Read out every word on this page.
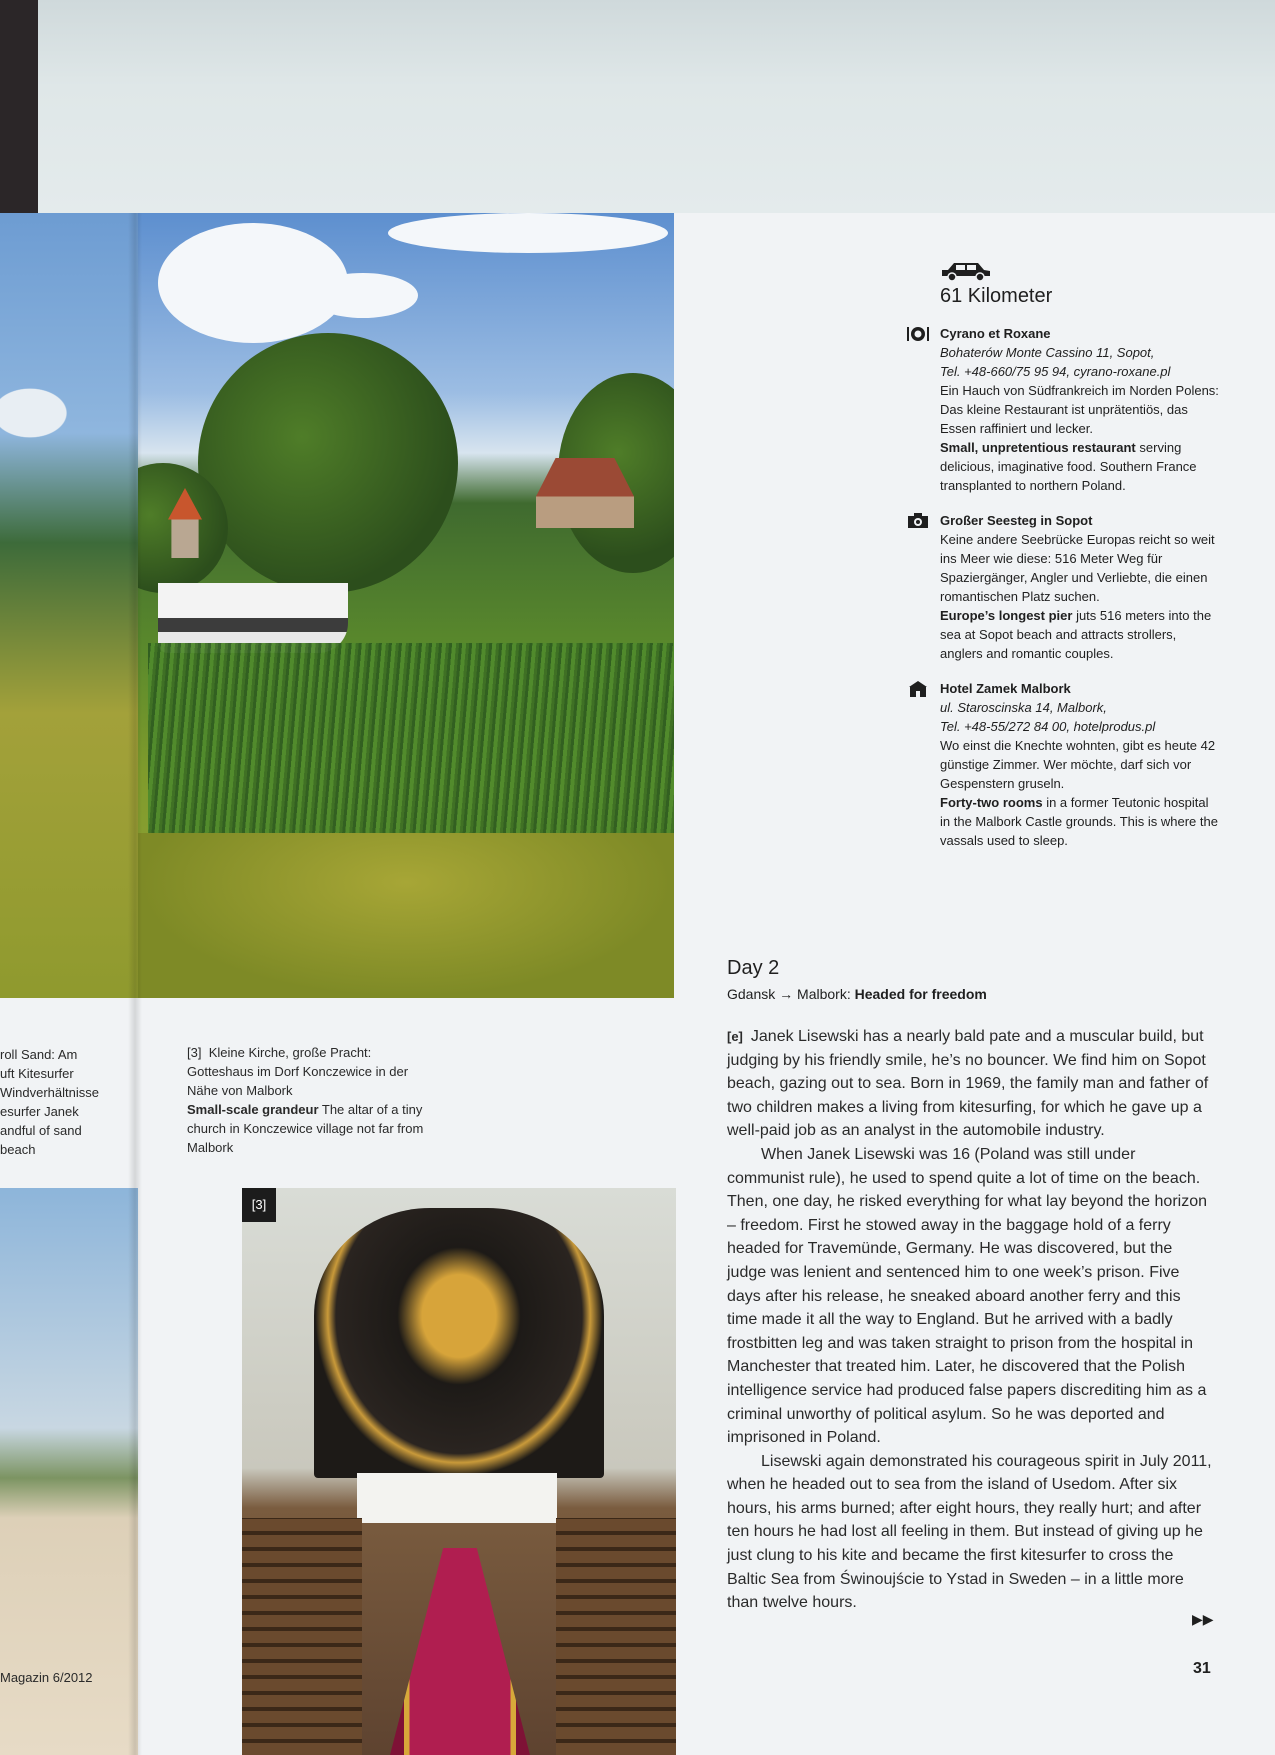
roll Sand: Am
uft Kitesurfer
Windverhältnisse
esurfer Janek
andful of sand
beach
Magazin 6/2012
[3] Kleine Kirche, große Pracht: Gotteshaus im Dorf Konczewice in der Nähe von Malbork
Small-scale grandeur The altar of a tiny church in Konczewice village not far from Malbork
[3]
61 Kilometer
Cyrano et Roxane
Bohaterów Monte Cassino 11, Sopot,
Tel. +48-660/75 95 94, cyrano-roxane.pl
Ein Hauch von Südfrankreich im Norden Polens: Das kleine Restaurant ist unprätentiös, das Essen raffiniert und lecker.
Small, unpretentious restaurant serving delicious, imaginative food. Southern France transplanted to northern Poland.
Großer Seesteg in Sopot
Keine andere Seebrücke Europas reicht so weit ins Meer wie diese: 516 Meter Weg für Spaziergänger, Angler und Verliebte, die einen romantischen Platz suchen.
Europe’s longest pier juts 516 meters into the sea at Sopot beach and attracts strollers, anglers and romantic couples.
Hotel Zamek Malbork
ul. Staroscinska 14, Malbork,
Tel. +48-55/272 84 00, hotelprodus.pl
Wo einst die Knechte wohnten, gibt es heute 42 günstige Zimmer. Wer möchte, darf sich vor Gespenstern gruseln.
Forty-two rooms in a former Teutonic hospital in the Malbork Castle grounds. This is where the vassals used to sleep.
Day 2
Gdansk → Malbork: Headed for freedom

[e] Janek Lisewski has a nearly bald pate and a muscular build, but judging by his friendly smile, he’s no bouncer. We find him on Sopot beach, gazing out to sea. Born in 1969, the family man and father of two children makes a living from kitesurfing, for which he gave up a well-paid job as an analyst in the automobile industry.

When Janek Lisewski was 16 (Poland was still under communist rule), he used to spend quite a lot of time on the beach. Then, one day, he risked everything for what lay beyond the horizon – freedom. First he stowed away in the baggage hold of a ferry headed for Travemünde, Germany. He was discovered, but the judge was lenient and sentenced him to one week’s prison. Five days after his release, he sneaked aboard another ferry and this time made it all the way to England. But he arrived with a badly frostbitten leg and was taken straight to prison from the hospital in Manchester that treated him. Later, he discovered that the Polish intelligence service had produced false papers discrediting him as a criminal unworthy of political asylum. So he was deported and imprisoned in Poland.

Lisewski again demonstrated his courageous spirit in July 2011, when he headed out to sea from the island of Usedom. After six hours, his arms burned; after eight hours, they really hurt; and after ten hours he had lost all feeling in them. But instead of giving up he just clung to his kite and became the first kitesurfer to cross the Baltic Sea from Świnoujście to Ystad in Sweden – in a little more than twelve hours.

▶▶
31
